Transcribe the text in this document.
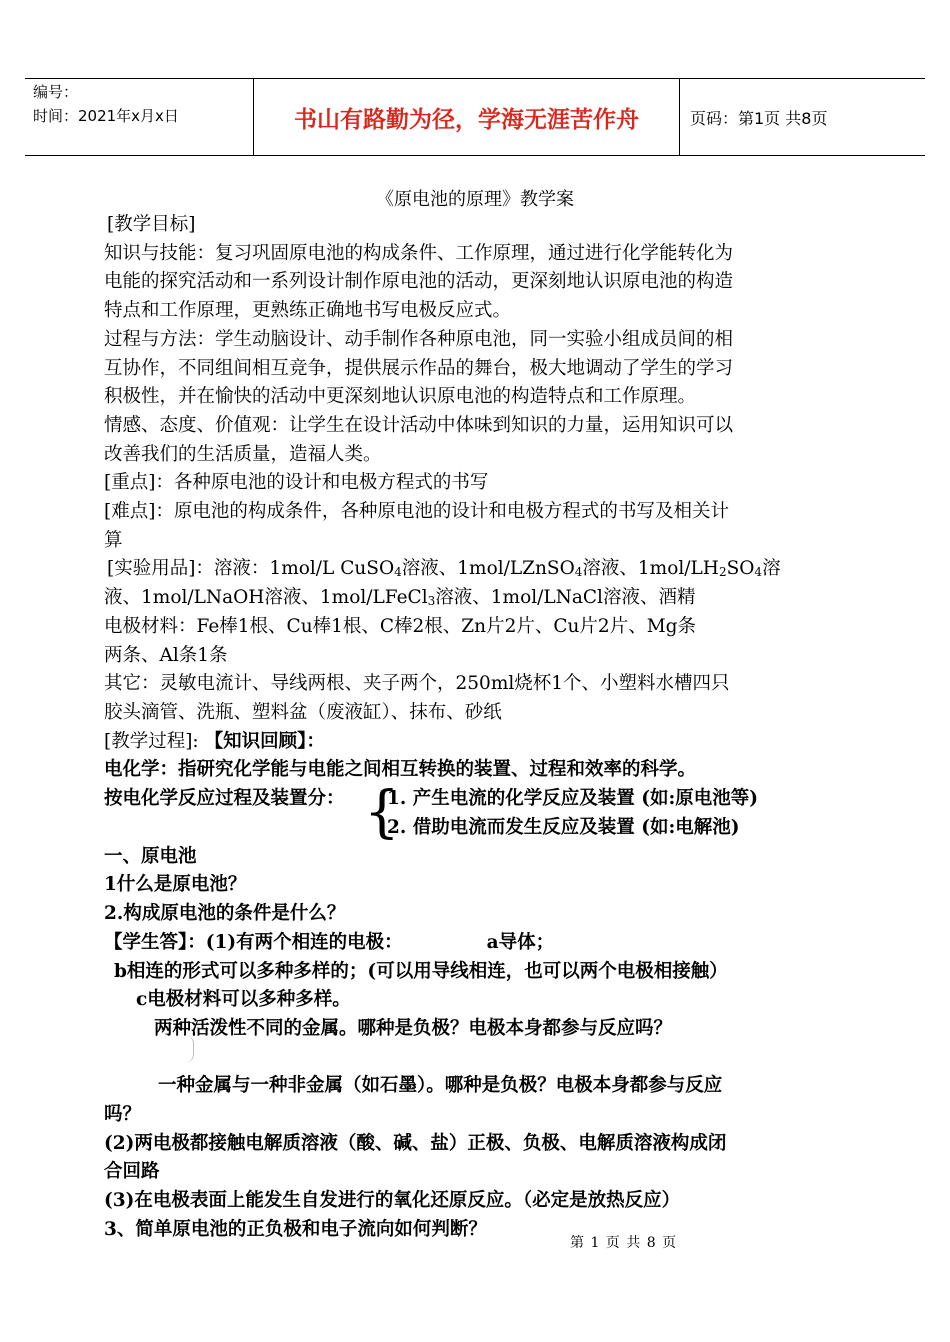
编号：
时间：2021年x月x日	书山有路勤为径，学海无涯苦作舟	页码：第1页 共8页
《原电池的原理》教学案

[教学目标]

知识与技能：复习巩固原电池的构成条件、工作原理，通过进行化学能转化为

电能的探究活动和一系列设计制作原电池的活动，更深刻地认识原电池的构造

特点和工作原理，更熟练正确地书写电极反应式。

过程与方法：学生动脑设计、动手制作各种原电池，同一实验小组成员间的相

互协作，不同组间相互竞争，提供展示作品的舞台，极大地调动了学生的学习

积极性，并在愉快的活动中更深刻地认识原电池的构造特点和工作原理。

情感、态度、价值观：让学生在设计活动中体味到知识的力量，运用知识可以

改善我们的生活质量，造福人类。

[重点]：各种原电池的设计和电极方程式的书写

[难点]：原电池的构成条件，各种原电池的设计和电极方程式的书写及相关计

算

[实验用品]：溶液：1mol/L CuSO$_4$溶液、1mol/LZnSO$_4$溶液、$1mol/LH_2SO_4$溶

液、1mol/LNaOH溶液、1mol/LFeCl$_3$溶液、1mol/LNaCl溶液、酒精

电极材料：Fe棒1根、Cu棒1根、C棒2根、Zn片2片、Cu片2片、Mg条

两条、Al条1条

其它：灵敏电流计、导线两根、夹子两个，250ml烧杯1个、小塑料水槽四只

胶头滴管、洗瓶、塑料盆（废液缸）、抹布、砂纸

[教学过程]: 【知识回顾】：

电化学：指研究化学能与电能之间相互转换的装置、过程和效率的科学。

按电化学反应过程及装置分： 1. 产生电流的化学反应及装置 (如:原电池等)
{

2. 借助电流而发生反应及装置 (如:电解池)

一、原电池

1什么是原电池？

2.构成原电池的条件是什么？

【学生答】：(1)有两个相连的电极：	a导体；

b相连的形式可以多种多样的；(可以用导线相连，也可以两个电极相接触）

c电极材料可以多种多样。

两种活泼性不同的金属。哪种是负极？电极本身都参与反应吗？

一种金属与一种非金属（如石墨）。哪种是负极？电极本身都参与反应

吗？

(2)两电极都接触电解质溶液（酸、碱、盐）正极、负极、电解质溶液构成闭

合回路

(3)在电极表面上能发生自发进行的氧化还原反应。（必定是放热反应）

3、简单原电池的正负极和电子流向如何判断？

第 1 页 共 8 页
